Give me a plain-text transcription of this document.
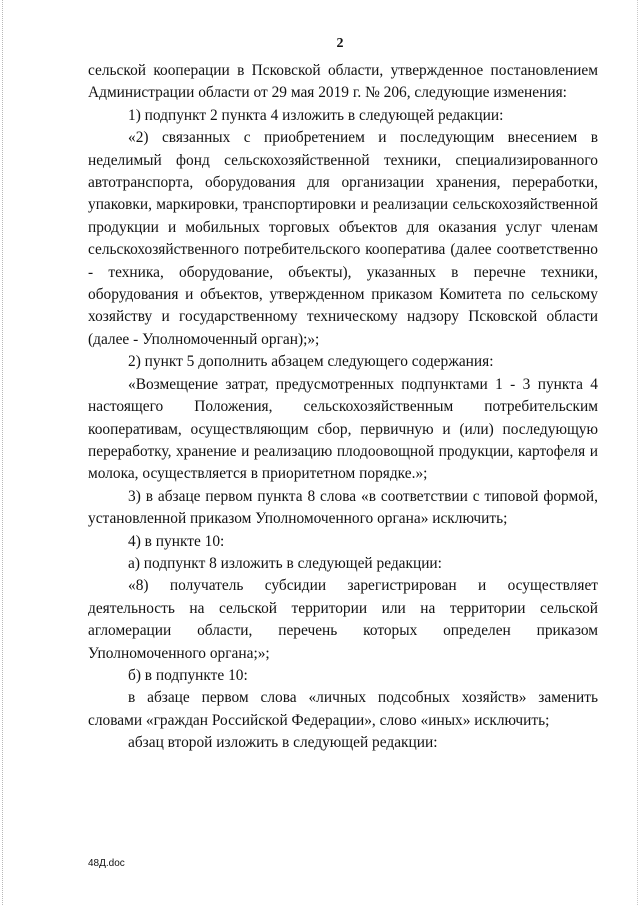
2

сельской кооперации в Псковской области, утвержденное постановлением Администрации области от 29 мая 2019 г. № 206, следующие изменения:

1) подпункт 2 пункта 4 изложить в следующей редакции:

«2) связанных с приобретением и последующим внесением в неделимый фонд сельскохозяйственной техники, специализированного автотранспорта, оборудования для организации хранения, переработки, упаковки, маркировки, транспортировки и реализации сельскохозяйственной продукции и мобильных торговых объектов для оказания услуг членам сельскохозяйственного потребительского кооператива (далее соответственно - техника, оборудование, объекты), указанных в перечне техники, оборудования и объектов, утвержденном приказом Комитета по сельскому хозяйству и государственному техническому надзору Псковской области (далее - Уполномоченный орган);»;

2) пункт 5 дополнить абзацем следующего содержания:

«Возмещение затрат, предусмотренных подпунктами 1 - 3 пункта 4 настоящего Положения, сельскохозяйственным потребительским кооперативам, осуществляющим сбор, первичную и (или) последующую переработку, хранение и реализацию плодоовощной продукции, картофеля и молока, осуществляется в приоритетном порядке.»;

3) в абзаце первом пункта 8 слова «в соответствии с типовой формой, установленной приказом Уполномоченного органа» исключить;

4) в пункте 10:

а) подпункт 8 изложить в следующей редакции:

«8) получатель субсидии зарегистрирован и осуществляет деятельность на сельской территории или на территории сельской агломерации области, перечень которых определен приказом Уполномоченного органа;»;

б) в подпункте 10:

в абзаце первом слова «личных подсобных хозяйств» заменить словами «граждан Российской Федерации», слово «иных» исключить;

абзац второй изложить в следующей редакции:

48Д.doc
